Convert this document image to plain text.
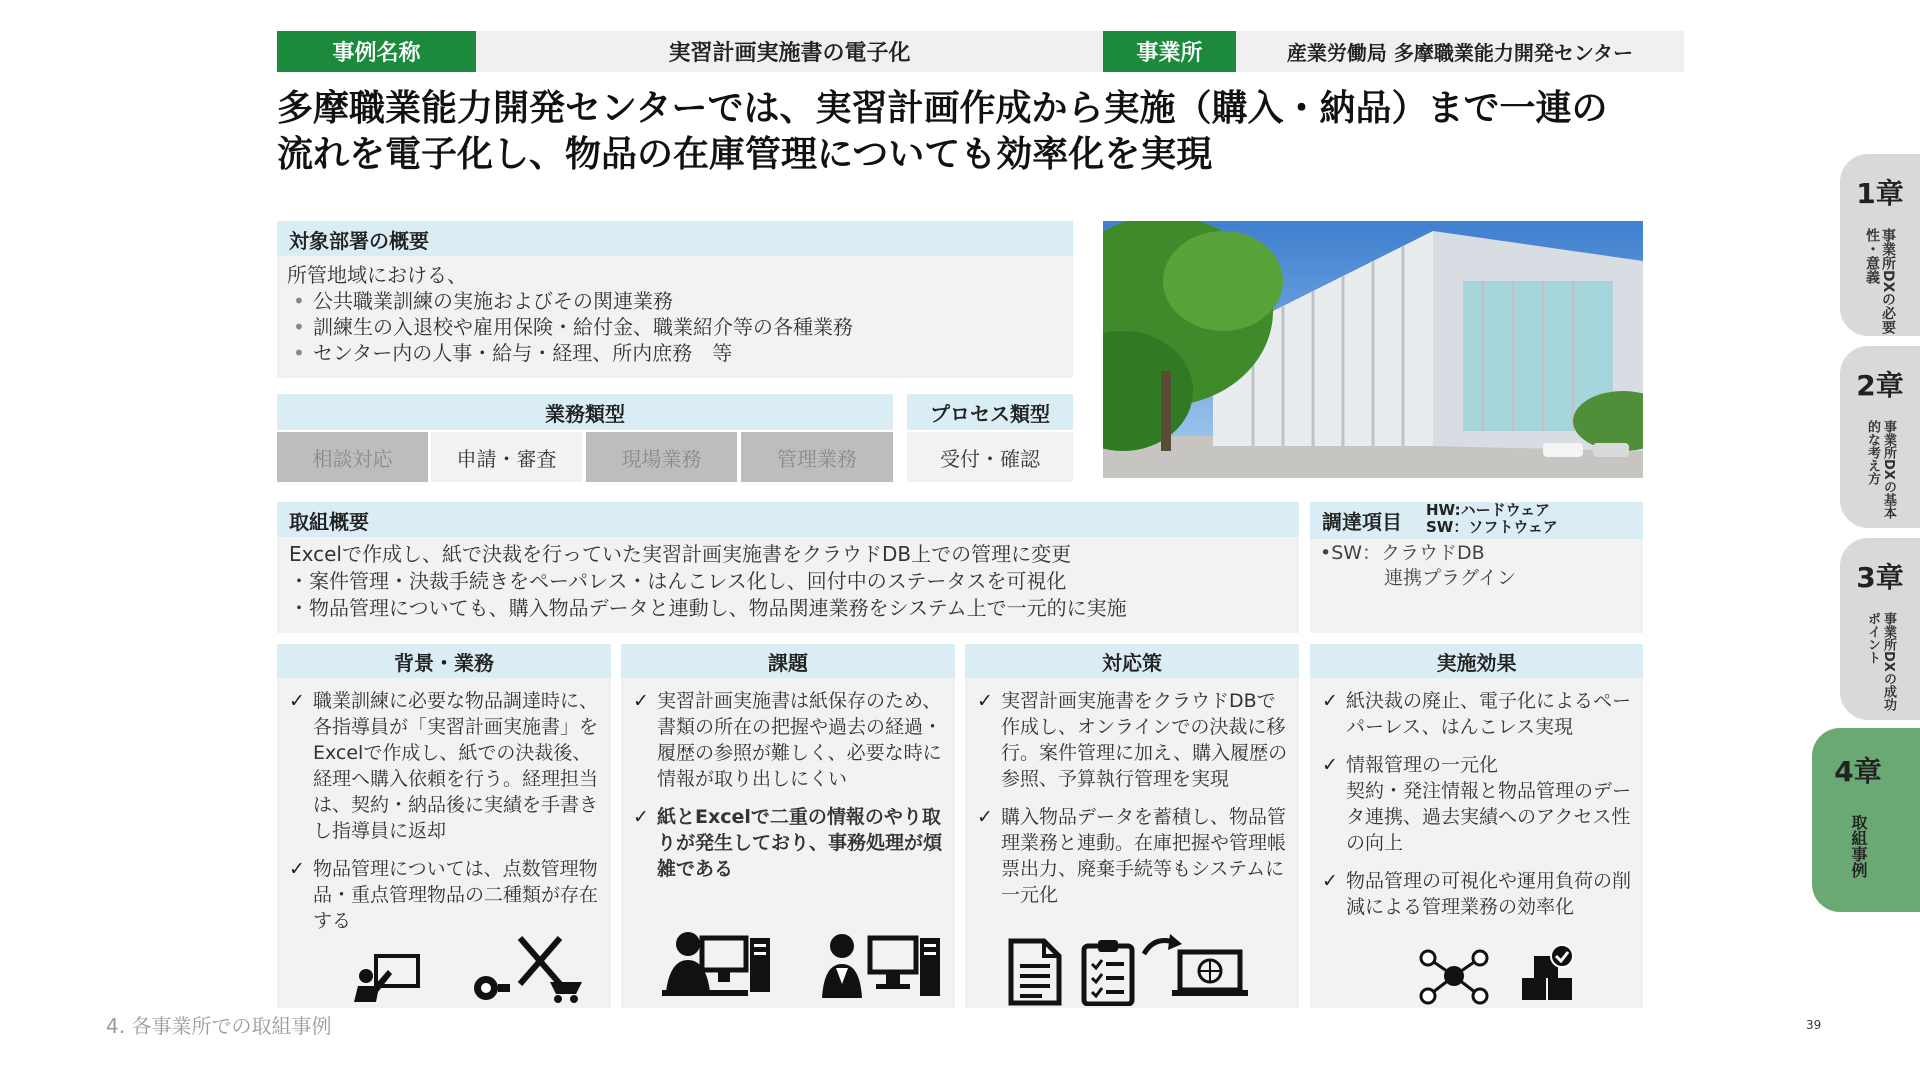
事例名称	実習計画実施書の電子化	事業所	産業労働局 多摩職業能力開発センター
多摩職業能力開発センターでは、実習計画作成から実施（購入・納品）まで一連の
流れを電子化し、物品の在庫管理についても効率化を実現
対象部署の概要
所管地域における、
• 公共職業訓練の実施およびその関連業務
• 訓練生の入退校や雇用保険・給付金、職業紹介等の各種業務
• センター内の人事・給与・経理、所内庶務　等
業務類型
相談対応	申請・審査	現場業務	管理業務
プロセス類型
受付・確認
取組概要
Excelで作成し、紙で決裁を行っていた実習計画実施書をクラウドDB上での管理に変更
・案件管理・決裁手続きをペーパレス・はんこレス化し、回付中のステータスを可視化
・物品管理についても、購入物品データと連動し、物品関連業務をシステム上で一元的に実施
調達項目 HW:ハードウェア
SW：ソフトウェア
•SW：クラウドDB
連携プラグイン
背景・業務
✓ 職業訓練に必要な物品調達時に、各指導員が「実習計画実施書」をExcelで作成し、紙での決裁後、経理へ購入依頼を行う。経理担当は、契約・納品後に実績を手書きし指導員に返却
✓ 物品管理については、点数管理物品・重点管理物品の二種類が存在する
課題
✓ 実習計画実施書は紙保存のため、書類の所在の把握や過去の経過・履歴の参照が難しく、必要な時に情報が取り出しにくい
✓ 紙とExcelで二重の情報のやり取りが発生しており、事務処理が煩雑である
対応策
✓ 実習計画実施書をクラウドDBで作成し、オンラインでの決裁に移行。案件管理に加え、購入履歴の参照、予算執行管理を実現
✓ 購入物品データを蓄積し、物品管理業務と連動。在庫把握や管理帳票出力、廃棄手続等もシステムに一元化
実施効果
✓ 紙決裁の廃止、電子化によるペーパーレス、はんこレス実現
✓ 情報管理の一元化
契約・発注情報と物品管理のデータ連携、過去実績へのアクセス性の向上
✓ 物品管理の可視化や運用負荷の削減による管理業務の効率化
1章
事業所DXの必要性・意義
2章
事業所DXの基本的な考え方
3章
事業所DXの成功ポイント
4章
取組事例
4. 各事業所での取組事例	39
